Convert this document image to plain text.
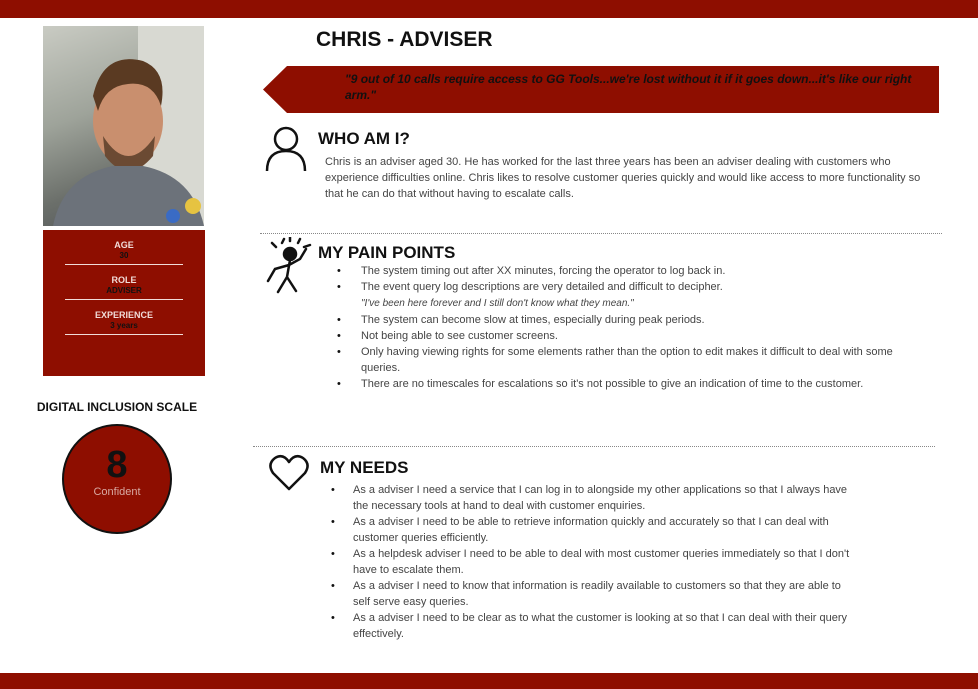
AGE
30
ROLE
ADVISER
EXPERIENCE
3 years
DIGITAL INCLUSION SCALE
8
Confident
CHRIS - ADVISER
"9 out of 10 calls require access to GG Tools...we're lost without it if it goes down...it's like our right arm."
WHO AM I?
Chris is an adviser aged 30. He has worked for the last three years has been an adviser dealing with customers who experience difficulties online. Chris likes to resolve customer queries quickly and would like access to more functionality so that he can do that without having to escalate calls.
MY PAIN POINTS
• The system timing out after XX minutes, forcing the operator to log back in.
• The event query log descriptions are very detailed and difficult to decipher.
"I've been here forever and I still don't know what they mean."
• The system can become slow at times, especially during peak periods.
• Not being able to see customer screens.
• Only having viewing rights for some elements rather than the option to edit makes it difficult to deal with some queries.
• There are no timescales for escalations so it's not possible to give an indication of time to the customer.
MY NEEDS
• As a adviser I need a service that I can log in to alongside my other applications so that I always have the necessary tools at hand to deal with customer enquiries.
• As a adviser I need to be able to retrieve information quickly and accurately so that I can deal with customer queries efficiently.
• As a helpdesk adviser I need to be able to deal with most customer queries immediately so that I don't have to escalate them.
• As a adviser I need to know that information is readily available to customers so that they are able to self serve easy queries.
• As a adviser I need to be clear as to what the customer is looking at so that I can deal with their query effectively.
